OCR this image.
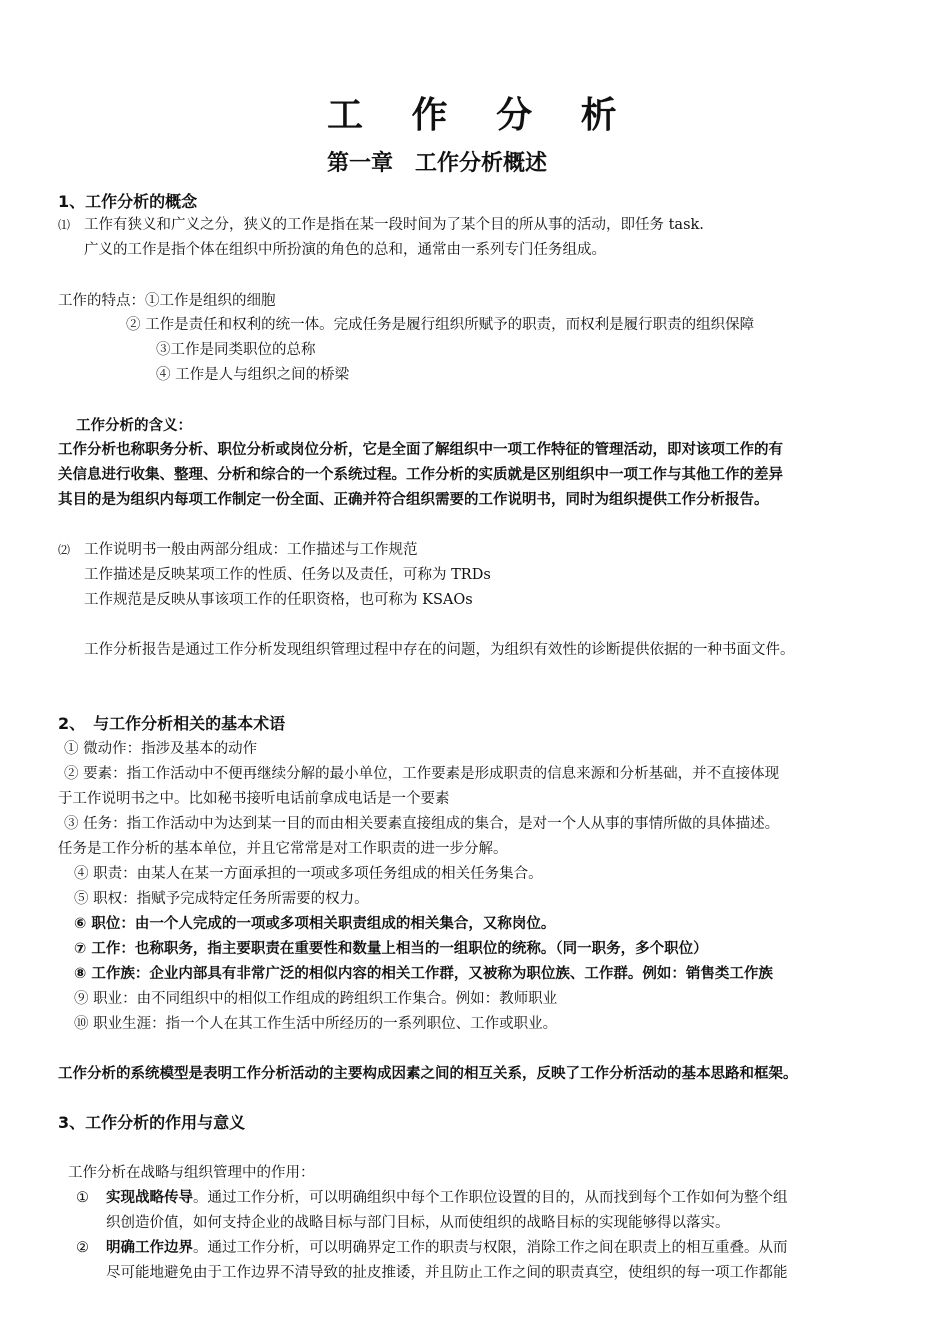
工 作 分 析
第一章　工作分析概述
1、工作分析的概念
⑴ 工作有狭义和广义之分，狭义的工作是指在某一段时间为了某个目的所从事的活动，即任务 task.
广义的工作是指个体在组织中所扮演的角色的总和，通常由一系列专门任务组成。
工作的特点：①工作是组织的细胞
② 工作是责任和权利的统一体。完成任务是履行组织所赋予的职责，而权利是履行职责的组织保障
③工作是同类职位的总称
④ 工作是人与组织之间的桥梁
工作分析的含义：
工作分析也称职务分析、职位分析或岗位分析，它是全面了解组织中一项工作特征的管理活动，即对该项工作的有
关信息进行收集、整理、分析和综合的一个系统过程。工作分析的实质就是区别组织中一项工作与其他工作的差异
其目的是为组织内每项工作制定一份全面、正确并符合组织需要的工作说明书，同时为组织提供工作分析报告。
⑵ 工作说明书一般由两部分组成：工作描述与工作规范
工作描述是反映某项工作的性质、任务以及责任，可称为 TRDs
工作规范是反映从事该项工作的任职资格，也可称为 KSAOs
工作分析报告是通过工作分析发现组织管理过程中存在的问题，为组织有效性的诊断提供依据的一种书面文件。
2、　与工作分析相关的基本术语
① 微动作：指涉及基本的动作
② 要素：指工作活动中不便再继续分解的最小单位，工作要素是形成职责的信息来源和分析基础，并不直接体现
于工作说明书之中。比如秘书接听电话前拿成电话是一个要素
③ 任务：指工作活动中为达到某一目的而由相关要素直接组成的集合，是对一个人从事的事情所做的具体描述。
任务是工作分析的基本单位，并且它常常是对工作职责的进一步分解。
④ 职责：由某人在某一方面承担的一项或多项任务组成的相关任务集合。
⑤ 职权：指赋予完成特定任务所需要的权力。
⑥ 职位：由一个人完成的一项或多项相关职责组成的相关集合，又称岗位。
⑦ 工作：也称职务，指主要职责在重要性和数量上相当的一组职位的统称。（同一职务，多个职位）
⑧ 工作族：企业内部具有非常广泛的相似内容的相关工作群，又被称为职位族、工作群。例如：销售类工作族
⑨ 职业：由不同组织中的相似工作组成的跨组织工作集合。例如：教师职业
⑩ 职业生涯：指一个人在其工作生活中所经历的一系列职位、工作或职业。
工作分析的系统模型是表明工作分析活动的主要构成因素之间的相互关系，反映了工作分析活动的基本思路和框架。
3、工作分析的作用与意义
工作分析在战略与组织管理中的作用：
① 实现战略传导。通过工作分析，可以明确组织中每个工作职位设置的目的，从而找到每个工作如何为整个组
织创造价值，如何支持企业的战略目标与部门目标，从而使组织的战略目标的实现能够得以落实。
② 明确工作边界。通过工作分析，可以明确界定工作的职责与权限，消除工作之间在职责上的相互重叠。从而
尽可能地避免由于工作边界不清导致的扯皮推诿，并且防止工作之间的职责真空，使组织的每一项工作都能
